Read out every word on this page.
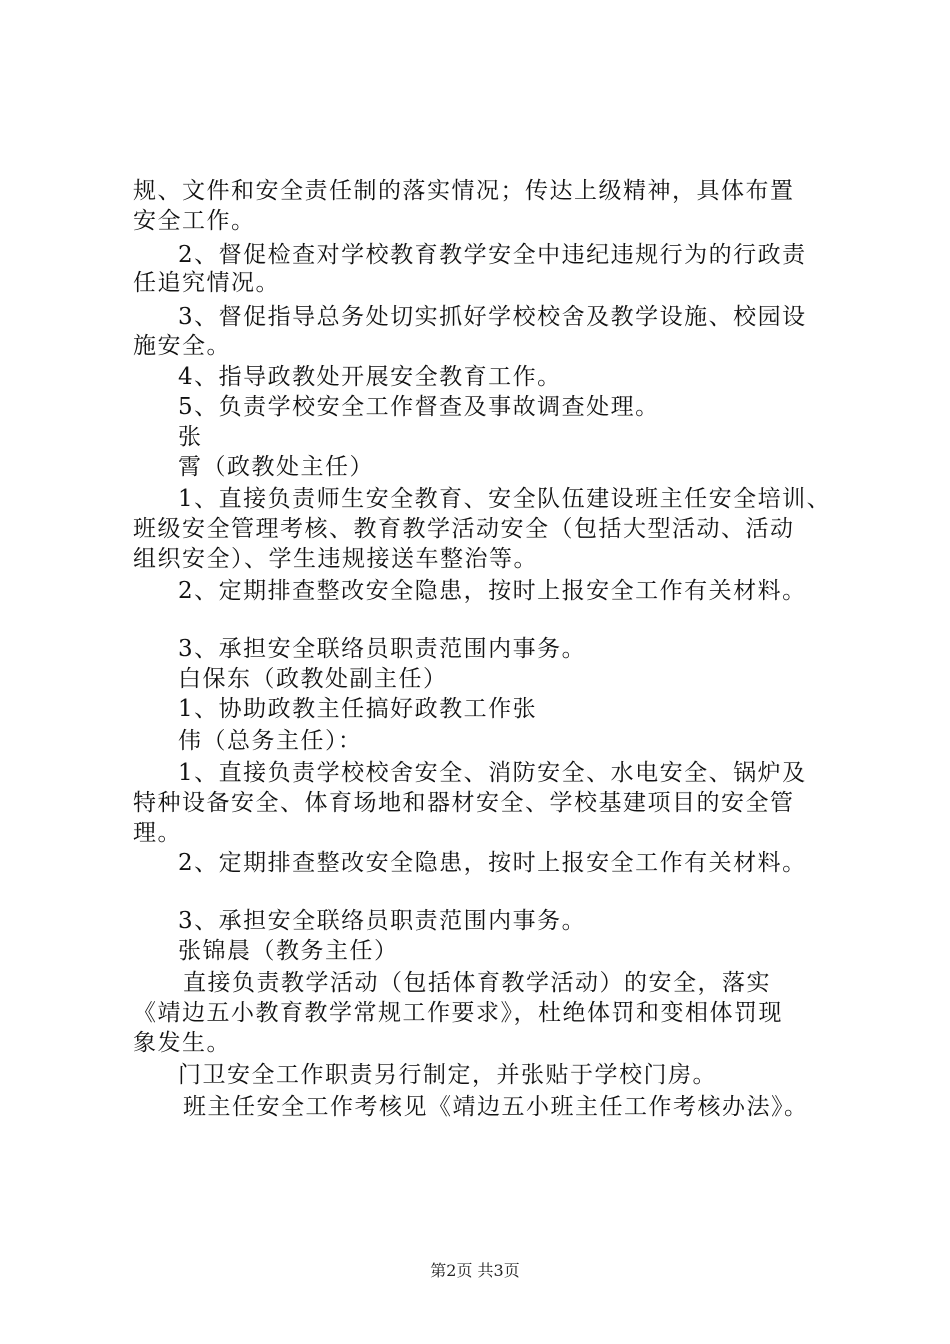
规、文件和安全责任制的落实情况；传达上级精神，具体布置
安全工作。
2、督促检查对学校教育教学安全中违纪违规行为的行政责
任追究情况。
3、督促指导总务处切实抓好学校校舍及教学设施、校园设
施安全。
4、指导政教处开展安全教育工作。
5、负责学校安全工作督查及事故调查处理。
张
霄（政教处主任）
1、直接负责师生安全教育、安全队伍建设班主任安全培训、
班级安全管理考核、教育教学活动安全（包括大型活动、活动
组织安全）、学生违规接送车整治等。
2、定期排查整改安全隐患，按时上报安全工作有关材料。
3、承担安全联络员职责范围内事务。
白保东（政教处副主任）
1、协助政教主任搞好政教工作张
伟（总务主任）：
1、直接负责学校校舍安全、消防安全、水电安全、锅炉及
特种设备安全、体育场地和器材安全、学校基建项目的安全管
理。
2、定期排查整改安全隐患，按时上报安全工作有关材料。
3、承担安全联络员职责范围内事务。
张锦晨（教务主任）
直接负责教学活动（包括体育教学活动）的安全，落实
《靖边五小教育教学常规工作要求》，杜绝体罚和变相体罚现
象发生。
门卫安全工作职责另行制定，并张贴于学校门房。
班主任安全工作考核见《靖边五小班主任工作考核办法》。
第2页 共3页
